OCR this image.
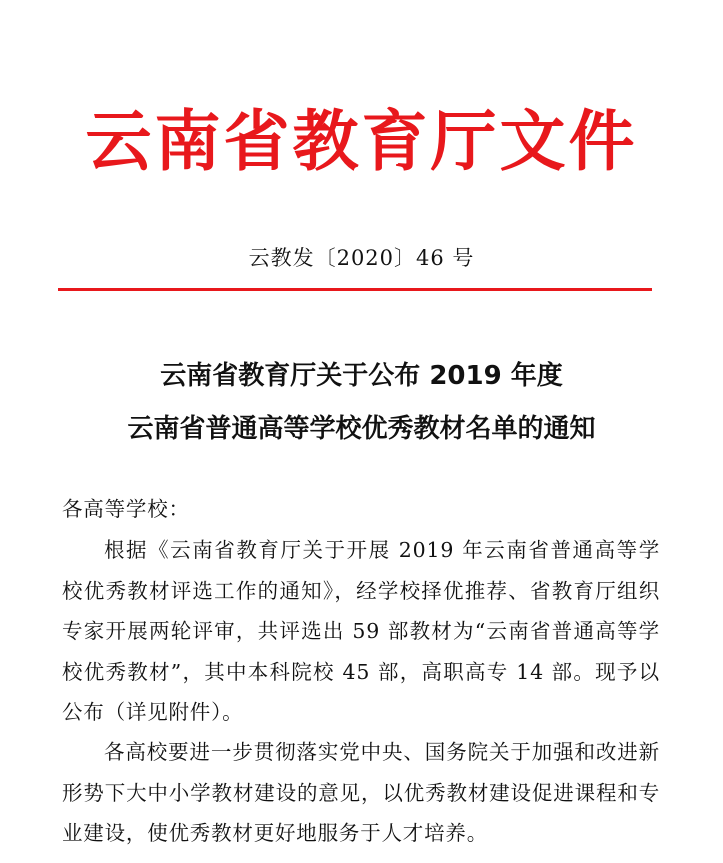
云南省教育厅文件
云教发〔2020〕46 号
云南省教育厅关于公布 2019 年度
云南省普通高等学校优秀教材名单的通知
各高等学校：

根据《云南省教育厅关于开展 2019 年云南省普通高等学校优秀教材评选工作的通知》，经学校择优推荐、省教育厅组织专家开展两轮评审，共评选出 59 部教材为“云南省普通高等学校优秀教材”，其中本科院校 45 部，高职高专 14 部。现予以公布（详见附件）。

各高校要进一步贯彻落实党中央、国务院关于加强和改进新形势下大中小学教材建设的意见，以优秀教材建设促进课程和专业建设，使优秀教材更好地服务于人才培养。
